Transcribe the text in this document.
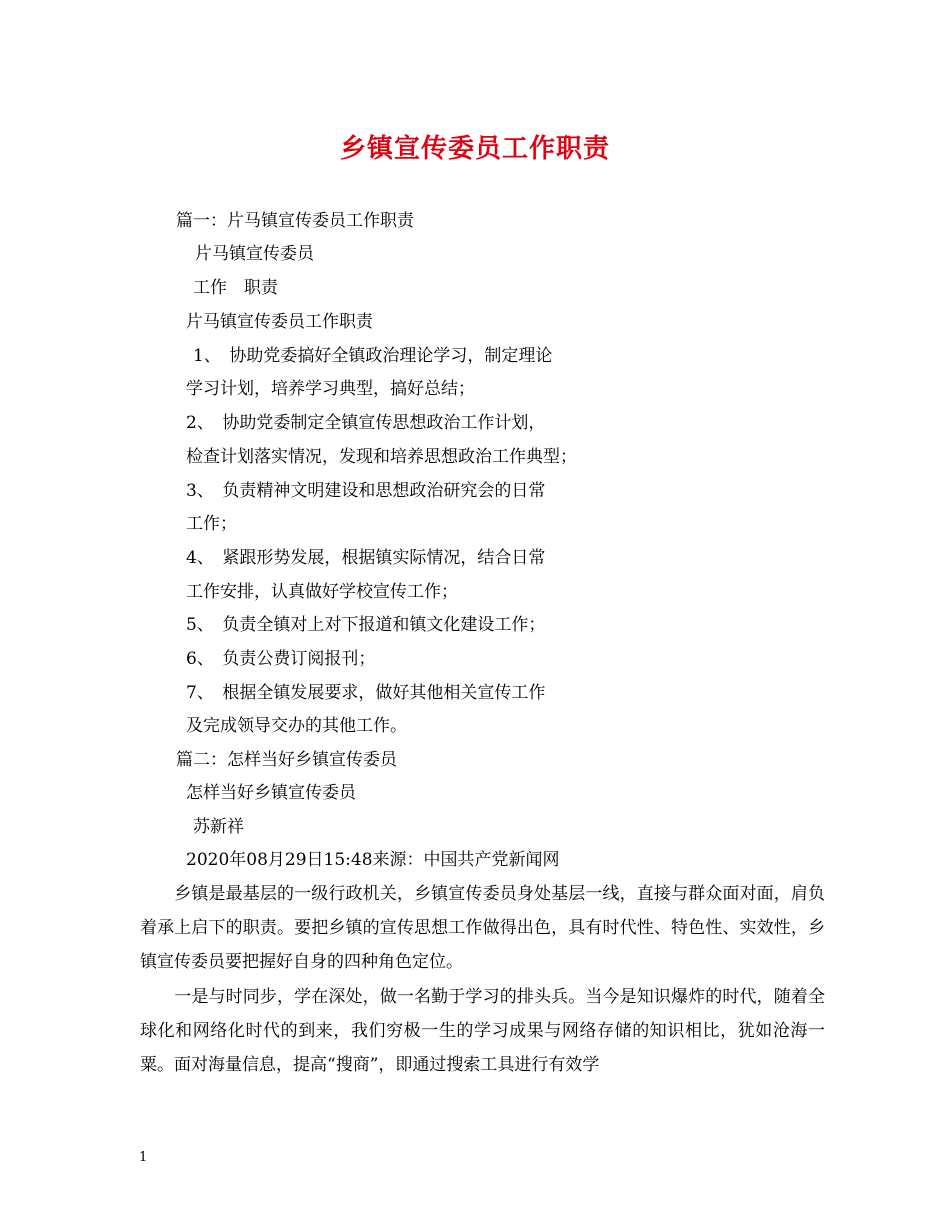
乡镇宣传委员工作职责
篇一：片马镇宣传委员工作职责
片马镇宣传委员
工作　职责
片马镇宣传委员工作职责
1、　协助党委搞好全镇政治理论学习，制定理论
学习计划，培养学习典型，搞好总结；
2、　协助党委制定全镇宣传思想政治工作计划，
检查计划落实情况，发现和培养思想政治工作典型；
3、　负责精神文明建设和思想政治研究会的日常
工作；
4、　紧跟形势发展，根据镇实际情况，结合日常
工作安排，认真做好学校宣传工作；
5、　负责全镇对上对下报道和镇文化建设工作；
6、　负责公费订阅报刊；
7、　根据全镇发展要求，做好其他相关宣传工作
及完成领导交办的其他工作。
篇二：怎样当好乡镇宣传委员
怎样当好乡镇宣传委员
苏新祥
2020年08月29日15:48来源：中国共产党新闻网
　　乡镇是最基层的一级行政机关，乡镇宣传委员身处基层一线，直接与群众面对面，肩负着承上启下的职责。要把乡镇的宣传思想工作做得出色，具有时代性、特色性、实效性，乡镇宣传委员要把握好自身的四种角色定位。
　　一是与时同步，学在深处，做一名勤于学习的排头兵。当今是知识爆炸的时代，随着全球化和网络化时代的到来，我们穷极一生的学习成果与网络存储的知识相比，犹如沧海一粟。面对海量信息，提高“搜商”，即通过搜索工具进行有效学
1
